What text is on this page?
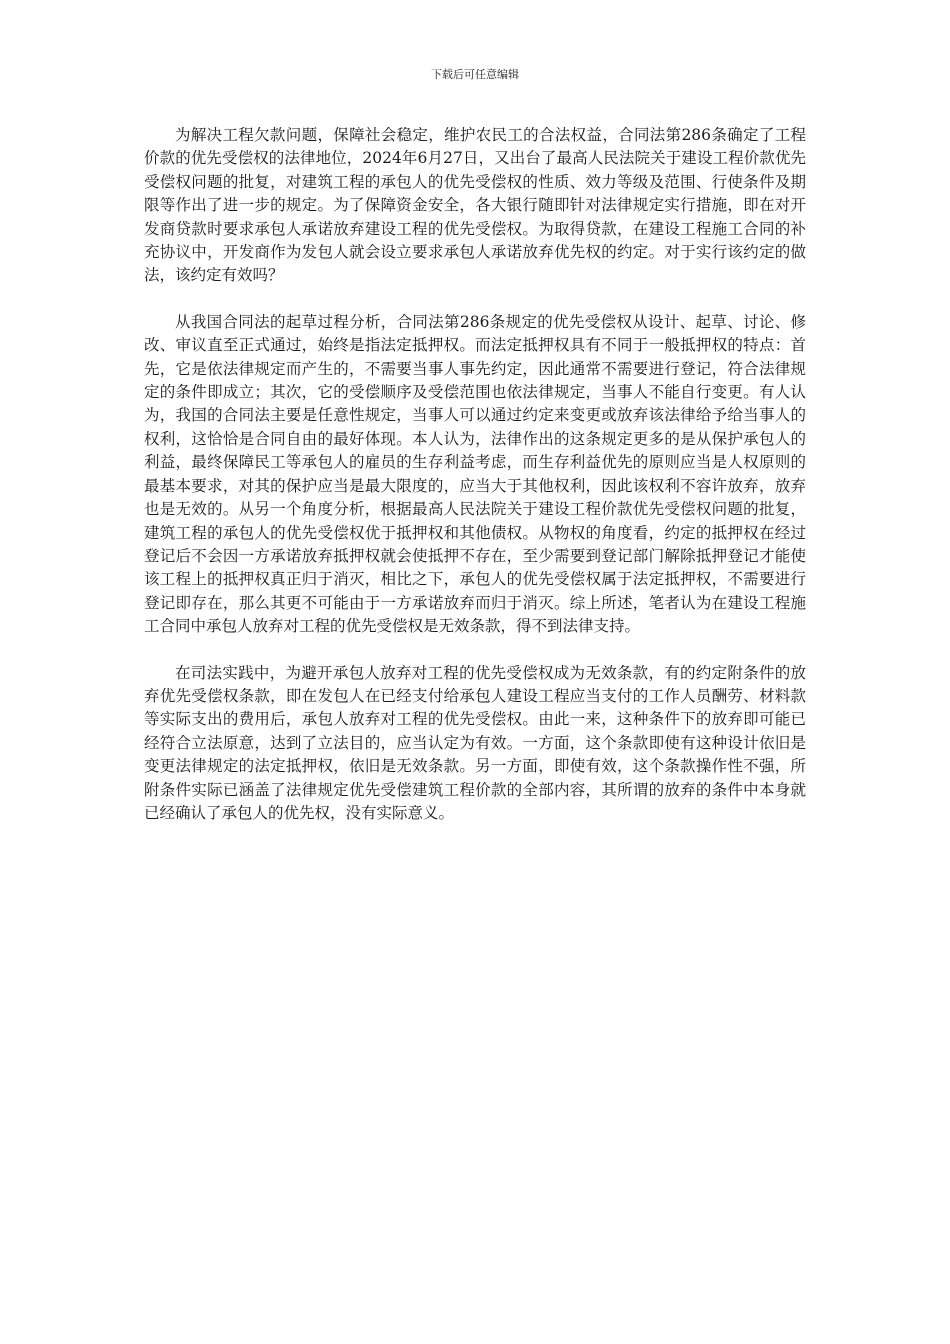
下载后可任意编辑

为解决工程欠款问题，保障社会稳定，维护农民工的合法权益，合同法第286条确定了工程价款的优先受偿权的法律地位，2024年6月27日，又出台了最高人民法院关于建设工程价款优先受偿权问题的批复，对建筑工程的承包人的优先受偿权的性质、效力等级及范围、行使条件及期限等作出了进一步的规定。为了保障资金安全，各大银行随即针对法律规定实行措施，即在对开发商贷款时要求承包人承诺放弃建设工程的优先受偿权。为取得贷款，在建设工程施工合同的补充协议中，开发商作为发包人就会设立要求承包人承诺放弃优先权的约定。对于实行该约定的做法，该约定有效吗？

从我国合同法的起草过程分析，合同法第286条规定的优先受偿权从设计、起草、讨论、修改、审议直至正式通过，始终是指法定抵押权。而法定抵押权具有不同于一般抵押权的特点：首先，它是依法律规定而产生的，不需要当事人事先约定，因此通常不需要进行登记，符合法律规定的条件即成立；其次，它的受偿顺序及受偿范围也依法律规定，当事人不能自行变更。有人认为，我国的合同法主要是任意性规定，当事人可以通过约定来变更或放弃该法律给予给当事人的权利，这恰恰是合同自由的最好体现。本人认为，法律作出的这条规定更多的是从保护承包人的利益，最终保障民工等承包人的雇员的生存利益考虑，而生存利益优先的原则应当是人权原则的最基本要求，对其的保护应当是最大限度的，应当大于其他权利，因此该权利不容许放弃，放弃也是无效的。从另一个角度分析，根据最高人民法院关于建设工程价款优先受偿权问题的批复，建筑工程的承包人的优先受偿权优于抵押权和其他债权。从物权的角度看，约定的抵押权在经过登记后不会因一方承诺放弃抵押权就会使抵押不存在，至少需要到登记部门解除抵押登记才能使该工程上的抵押权真正归于消灭，相比之下，承包人的优先受偿权属于法定抵押权，不需要进行登记即存在，那么其更不可能由于一方承诺放弃而归于消灭。综上所述，笔者认为在建设工程施工合同中承包人放弃对工程的优先受偿权是无效条款，得不到法律支持。

在司法实践中，为避开承包人放弃对工程的优先受偿权成为无效条款，有的约定附条件的放弃优先受偿权条款，即在发包人在已经支付给承包人建设工程应当支付的工作人员酬劳、材料款等实际支出的费用后，承包人放弃对工程的优先受偿权。由此一来，这种条件下的放弃即可能已经符合立法原意，达到了立法目的，应当认定为有效。一方面，这个条款即使有这种设计依旧是变更法律规定的法定抵押权，依旧是无效条款。另一方面，即使有效，这个条款操作性不强，所附条件实际已涵盖了法律规定优先受偿建筑工程价款的全部内容，其所谓的放弃的条件中本身就已经确认了承包人的优先权，没有实际意义。
